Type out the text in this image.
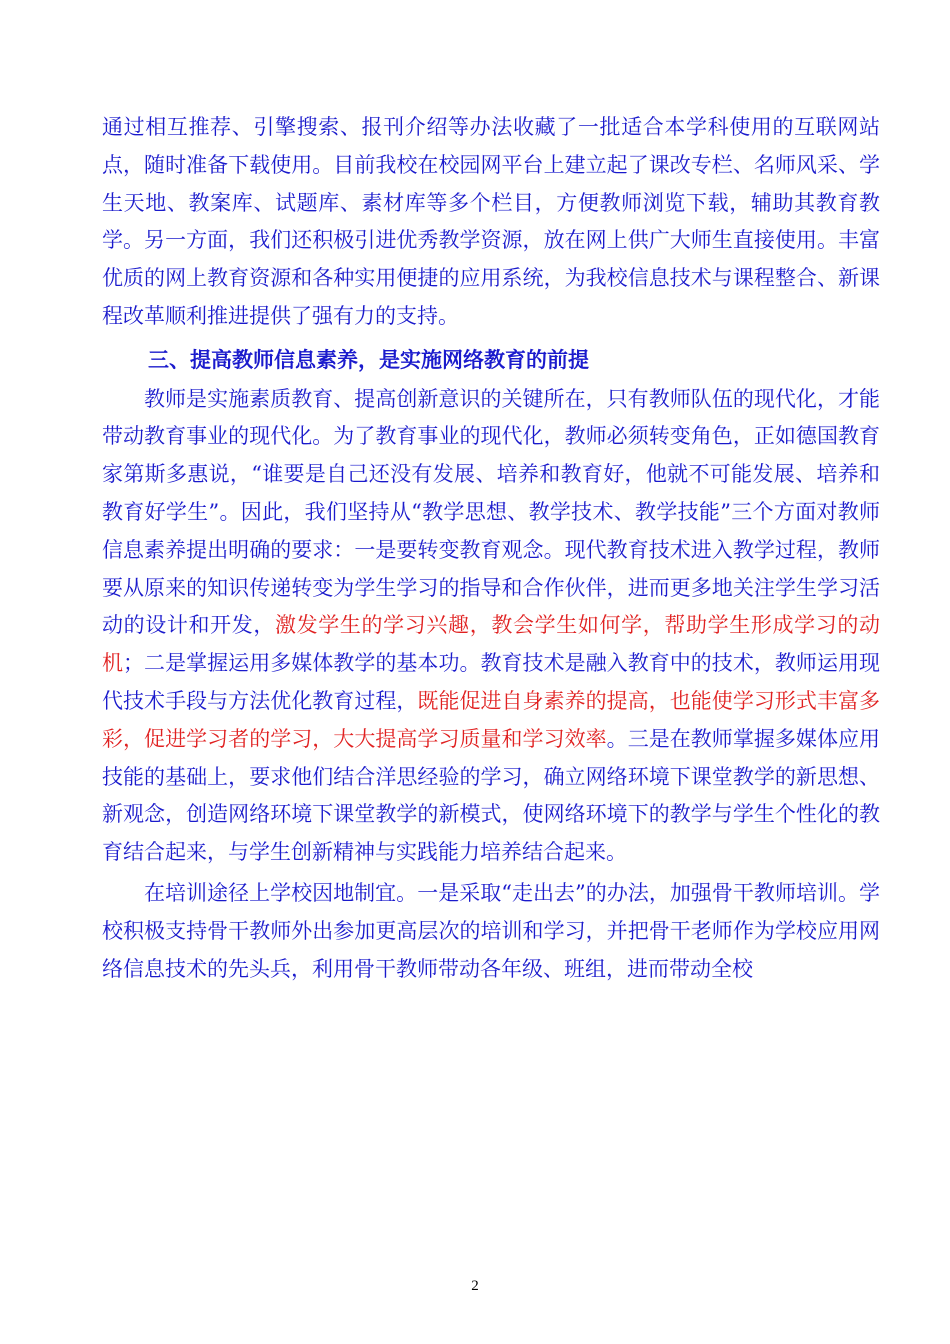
通过相互推荐、引擎搜索、报刊介绍等办法收藏了一批适合本学科使用的互联网站点，随时准备下载使用。目前我校在校园网平台上建立起了课改专栏、名师风采、学生天地、教案库、试题库、素材库等多个栏目，方便教师浏览下载，辅助其教育教学。另一方面，我们还积极引进优秀教学资源，放在网上供广大师生直接使用。丰富优质的网上教育资源和各种实用便捷的应用系统，为我校信息技术与课程整合、新课程改革顺利推进提供了强有力的支持。

三、提高教师信息素养，是实施网络教育的前提

教师是实施素质教育、提高创新意识的关键所在，只有教师队伍的现代化，才能带动教育事业的现代化。为了教育事业的现代化，教师必须转变角色，正如德国教育家第斯多惠说，“谁要是自己还没有发展、培养和教育好，他就不可能发展、培养和教育好学生”。因此，我们坚持从“教学思想、教学技术、教学技能”三个方面对教师信息素养提出明确的要求：一是要转变教育观念。现代教育技术进入教学过程，教师要从原来的知识传递转变为学生学习的指导和合作伙伴，进而更多地关注学生学习活动的设计和开发，激发学生的学习兴趣，教会学生如何学，帮助学生形成学习的动机；二是掌握运用多媒体教学的基本功。教育技术是融入教育中的技术，教师运用现代技术手段与方法优化教育过程，既能促进自身素养的提高，也能使学习形式丰富多彩，促进学习者的学习，大大提高学习质量和学习效率。三是在教师掌握多媒体应用技能的基础上，要求他们结合洋思经验的学习，确立网络环境下课堂教学的新思想、新观念，创造网络环境下课堂教学的新模式，使网络环境下的教学与学生个性化的教育结合起来，与学生创新精神与实践能力培养结合起来。

在培训途径上学校因地制宜。一是采取“走出去”的办法，加强骨干教师培训。学校积极支持骨干教师外出参加更高层次的培训和学习，并把骨干老师作为学校应用网络信息技术的先头兵，利用骨干教师带动各年级、班组，进而带动全校

2
